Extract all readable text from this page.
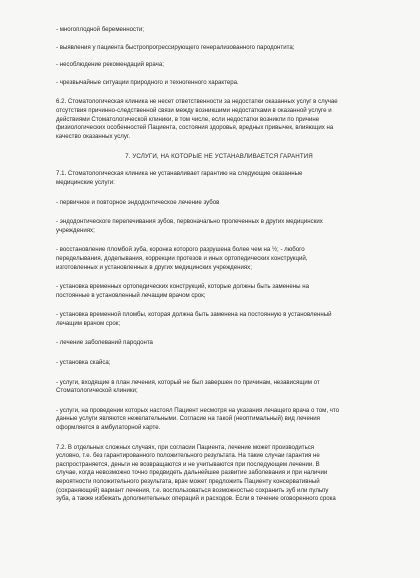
- многоплодной беременности;

- выявления у пациента быстропрогрессирующего генерализованного пародонтита;

- несоблюдение рекомендаций врача;

- чрезвычайные ситуации природного и техногенного характера.

6.2. Стоматологическая клиника не несет ответственности за недостатки оказанных услуг в случае
отсутствия причинно-следственной связи между возникшими недостатками в оказанной услуге и
действиями Стоматологической клиники, в том числе, если недостатки возникли по причине
физиологических особенностей Пациента, состояния здоровья, вредных привычек, влияющих на
качество оказанных услуг.

7. УСЛУГИ, НА КОТОРЫЕ НЕ УСТАНАВЛИВАЕТСЯ ГАРАНТИЯ

7.1. Стоматологическая клиника не устанавливает гарантию на следующие оказанные
медицинские услуги:

- первичное и повторное эндодонтическое лечение зубов

- эндодонтическоге перелечивания зубов, первоначально пролеченных в других медицинских
учреждениях;

- восстановление пломбой зуба, коронка которого разрушена более чем на ½; - любого
переделывания, доделывания, коррекции протезов и иных ортопедических конструкций,
изготовленных и установленных в других медицинских учреждениях;

- установка временных ортопедических конструкций, которые должны быть заменены на
постоянные в установленный лечащим врачом срок;

- установка временной пломбы, которая должна быть заменена на постоянную в установленный
лечащим врачом срок;

- лечение заболеваний пародонта

- установка скайса;

- услуги, входящие в план лечения, который не был завершен по причинам, независящим от
Стоматологической клиники;

- услуги, на проведении которых настоял Пациент несмотря на указания лечащего врача о том, что
данные услуги являются нежелательными. Согласие на такой (неоптимальный) вид лечения
оформляется в амбулаторной карте.

7.2. В отдельных сложных случаях, при согласии Пациента, лечение может производиться
условно, т.е. без гарантированного положительного результата. На такие случаи гарантия не
распространяется, деньги не возвращаются и не учитываются при последующем лечении. В
случае, когда невозможно точно предвидеть дальнейшее развитие заболевания и при наличии
вероятности положительного результата, врач может предложить Пациенту консервативный
(сохраняющий) вариант лечения, т.е. воспользоваться возможностью сохранить зуб или пульпу
зуба, а также избежать дополнительных операций и расходов. Если в течение оговоренного срока
